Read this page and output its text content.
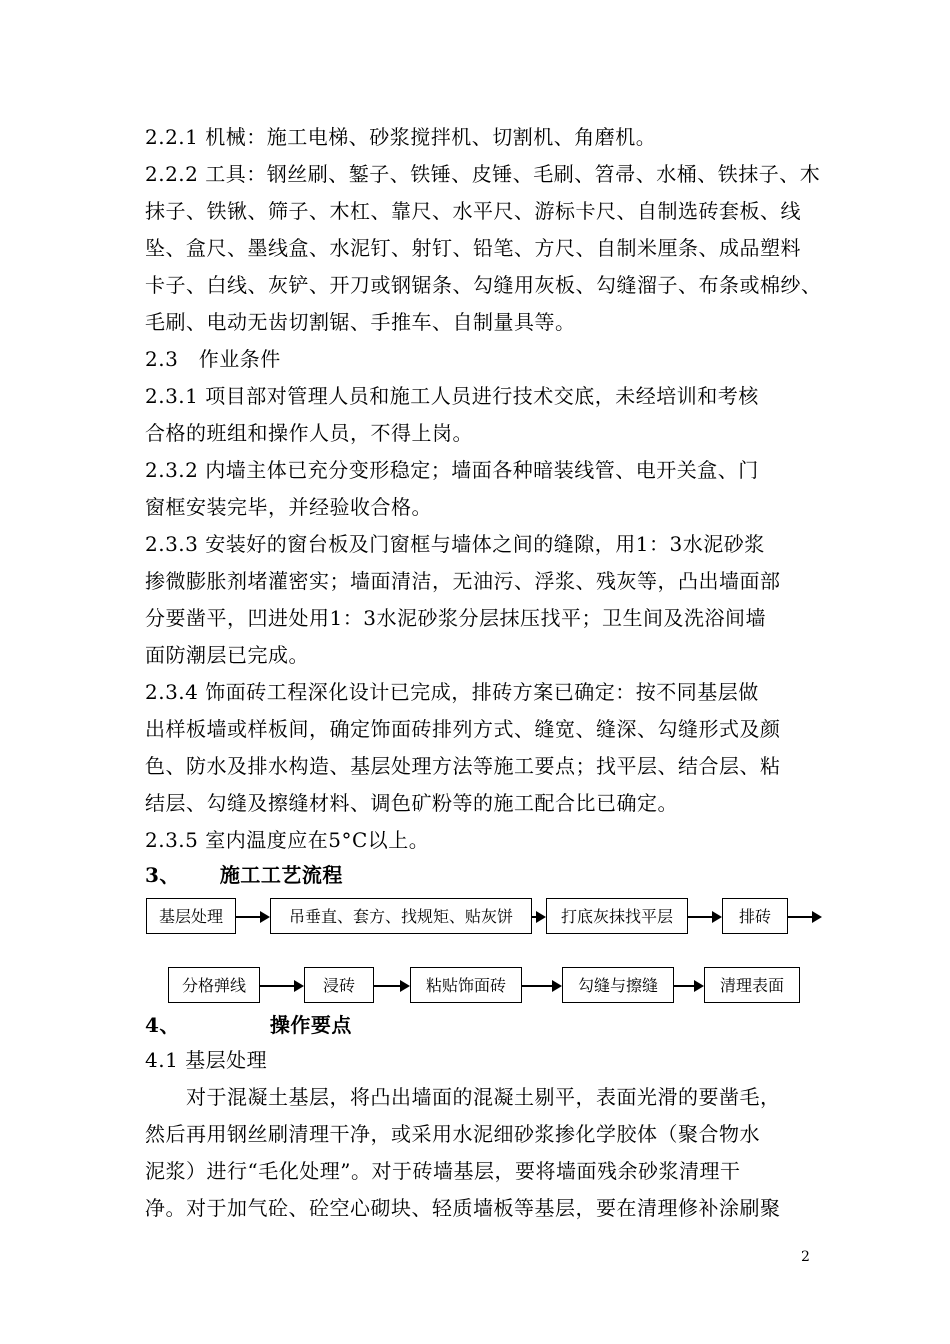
2.2.1 机械：施工电梯、砂浆搅拌机、切割机、角磨机。
2.2.2 工具：钢丝刷、錾子、铁锤、皮锤、毛刷、笤帚、水桶、铁抹子、木
抹子、铁锹、筛子、木杠、靠尺、水平尺、游标卡尺、自制选砖套板、线
坠、盒尺、墨线盒、水泥钉、射钉、铅笔、方尺、自制米厘条、成品塑料
卡子、白线、灰铲、开刀或钢锯条、勾缝用灰板、勾缝溜子、布条或棉纱、
毛刷、电动无齿切割锯、手推车、自制量具等。
2.3　作业条件
2.3.1 项目部对管理人员和施工人员进行技术交底，未经培训和考核
合格的班组和操作人员，不得上岗。
2.3.2 内墙主体已充分变形稳定；墙面各种暗装线管、电开关盒、门
窗框安装完毕，并经验收合格。
2.3.3 安装好的窗台板及门窗框与墙体之间的缝隙，用1：3水泥砂浆
掺微膨胀剂堵灌密实；墙面清洁，无油污、浮浆、残灰等，凸出墙面部
分要凿平，凹进处用1：3水泥砂浆分层抹压找平；卫生间及洗浴间墙
面防潮层已完成。
2.3.4 饰面砖工程深化设计已完成，排砖方案已确定：按不同基层做
出样板墙或样板间，确定饰面砖排列方式、缝宽、缝深、勾缝形式及颜
色、防水及排水构造、基层处理方法等施工要点；找平层、结合层、粘
结层、勾缝及擦缝材料、调色矿粉等的施工配合比已确定。
2.3.5 室内温度应在5°C以上。
3、 施工工艺流程
基层处理	吊垂直、套方、找规矩、贴灰饼	打底灰抹找平层	排砖
分格弹线	浸砖	粘贴饰面砖	勾缝与擦缝	清理表面
4、	操作要点
4.1 基层处理
　　对于混凝土基层，将凸出墙面的混凝土剔平，表面光滑的要凿毛，
然后再用钢丝刷清理干净，或采用水泥细砂浆掺化学胶体（聚合物水
泥浆）进行“毛化处理”。对于砖墙基层，要将墙面残余砂浆清理干
净。对于加气砼、砼空心砌块、轻质墙板等基层，要在清理修补涂刷聚
2
